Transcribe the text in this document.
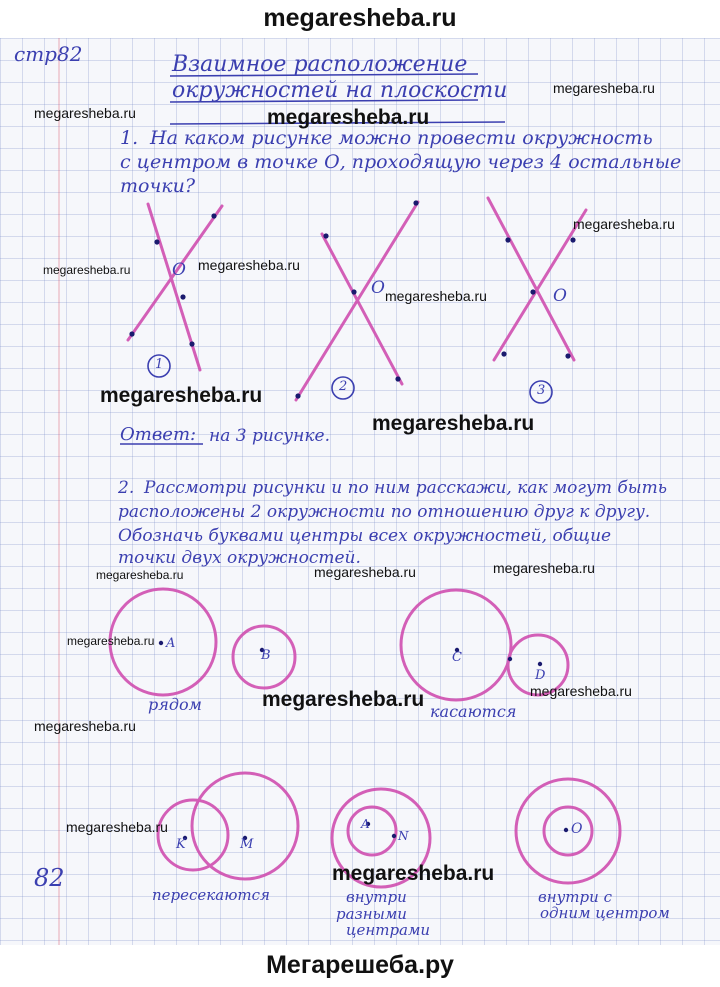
megaresheba.ru
стр82	Взаимное расположение
окружностей на плоскости
1. На каком рисунке можно провести окружность
с центром в точке О, проходящую через 4 остальные
точки?
О
О	О
1
2	3
Ответ: на 3 рисунке.
2. Рассмотри рисунки и по ним расскажи, как могут быть
расположены 2 окружности по отношению друг к другу.
Обозначь буквами центры всех окружностей, общие
точки двух окружностей.
A
B	C
D
K	M
A
N	O
рядом	касаются
пересекаются	внутри
разными
центрами
внутри с
одним центром
82
megaresheba.ru	megaresheba.ru
megaresheba.ru
megaresheba.ru
megaresheba.ru	megaresheba.ru
megaresheba.ru
megaresheba.ru
megaresheba.ru
megaresheba.ru	megaresheba.ru	megaresheba.ru
megaresheba.ru
megaresheba.ru	megaresheba.ru
megaresheba.ru
megaresheba.ru
megaresheba.ru
Мегарешеба.ру
